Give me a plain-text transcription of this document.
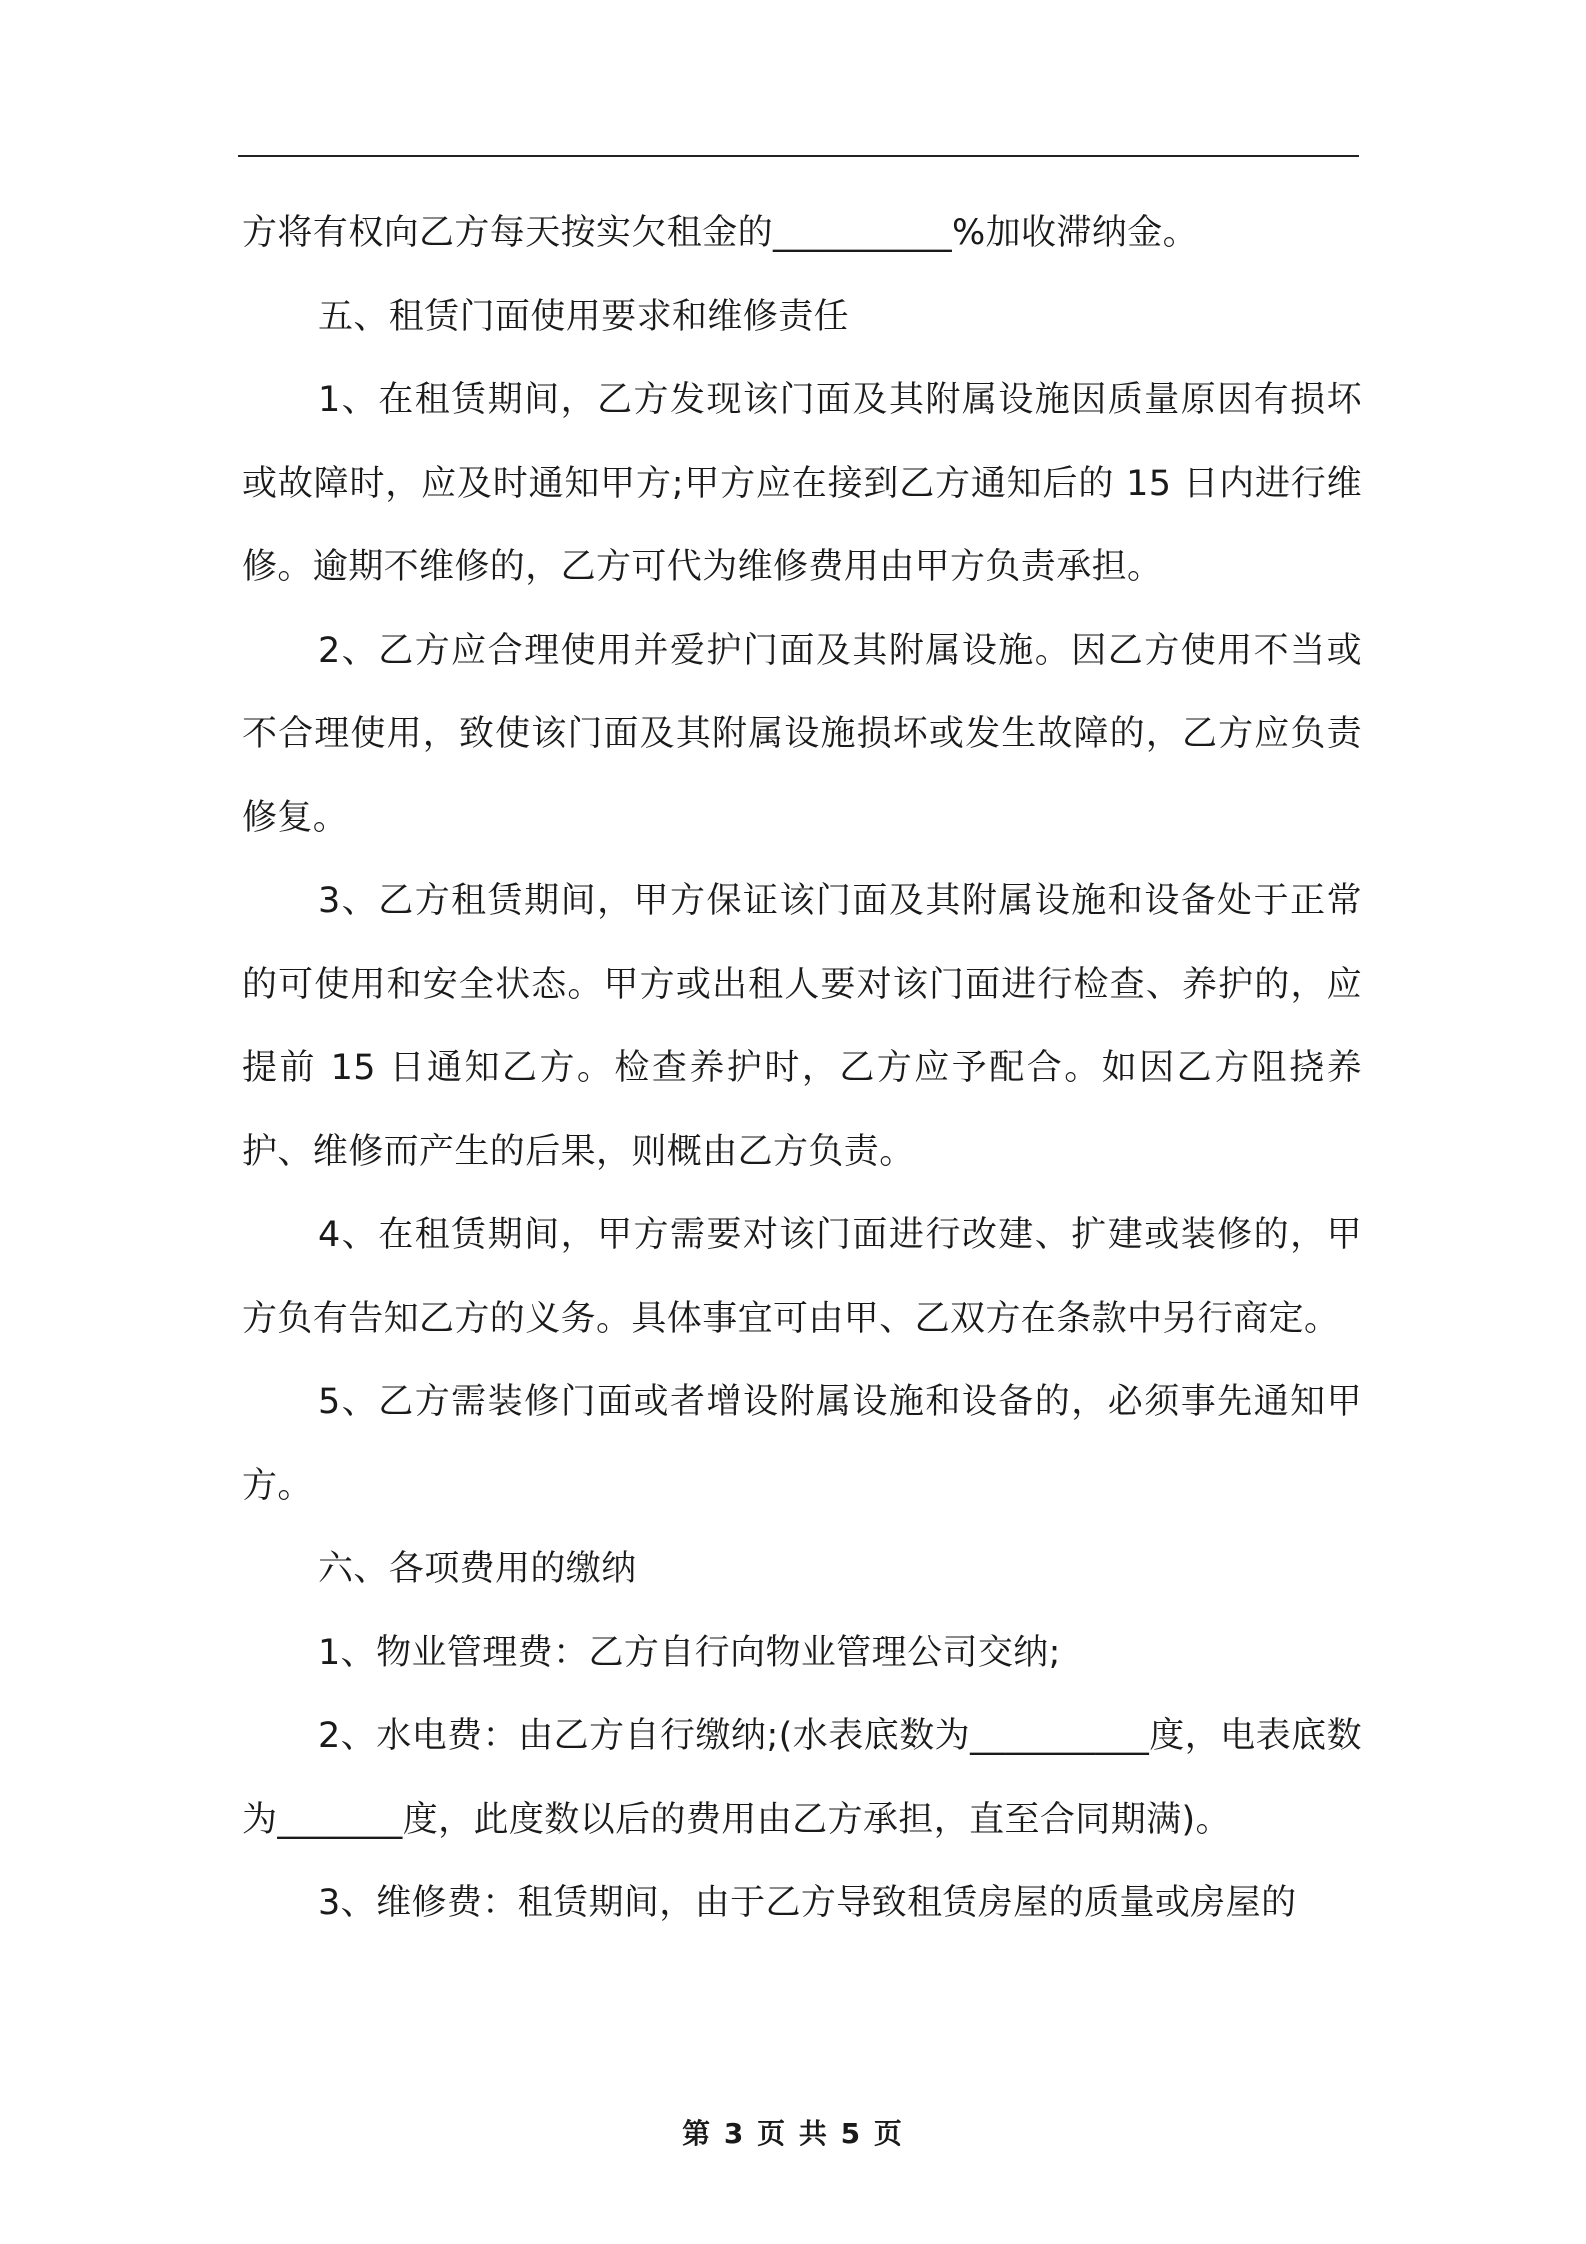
方将有权向乙方每天按实欠租金的__________%加收滞纳金。

五、租赁门面使用要求和维修责任

1、在租赁期间，乙方发现该门面及其附属设施因质量原因有损坏或故障时，应及时通知甲方;甲方应在接到乙方通知后的 15 日内进行维修。逾期不维修的，乙方可代为维修费用由甲方负责承担。

2、乙方应合理使用并爱护门面及其附属设施。因乙方使用不当或不合理使用，致使该门面及其附属设施损坏或发生故障的，乙方应负责修复。

3、乙方租赁期间，甲方保证该门面及其附属设施和设备处于正常的可使用和安全状态。甲方或出租人要对该门面进行检查、养护的，应提前 15 日通知乙方。检查养护时，乙方应予配合。如因乙方阻挠养护、维修而产生的后果，则概由乙方负责。

4、在租赁期间，甲方需要对该门面进行改建、扩建或装修的，甲方负有告知乙方的义务。具体事宜可由甲、乙双方在条款中另行商定。

5、乙方需装修门面或者增设附属设施和设备的，必须事先通知甲方。

六、各项费用的缴纳

1、物业管理费：乙方自行向物业管理公司交纳;

2、水电费：由乙方自行缴纳;(水表底数为__________度，电表底数为_______度，此度数以后的费用由乙方承担，直至合同期满)。

3、维修费：租赁期间，由于乙方导致租赁房屋的质量或房屋的

第 3 页 共 5 页
